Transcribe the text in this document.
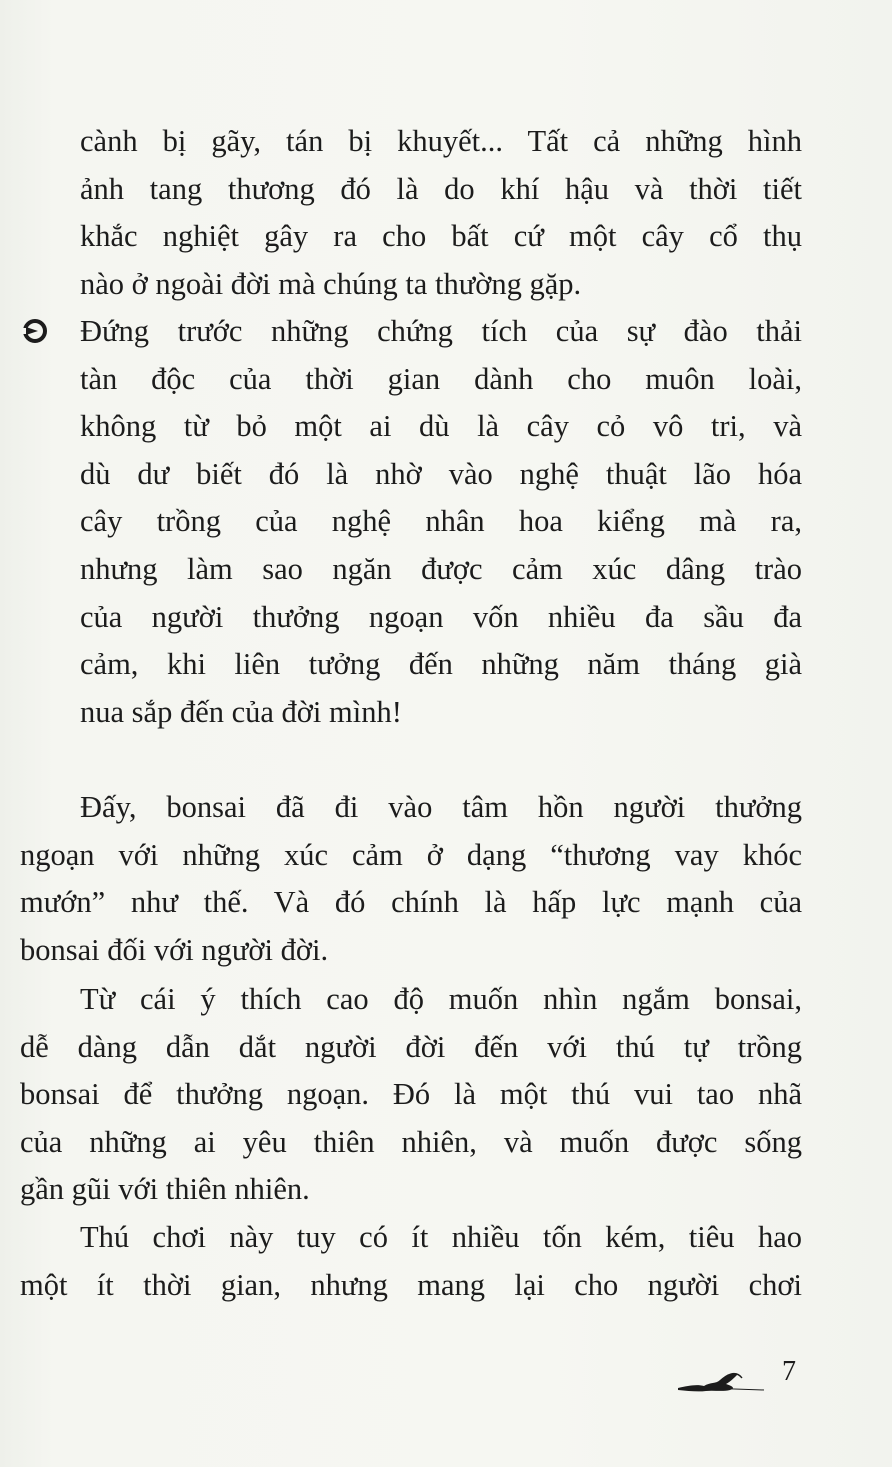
cành bị gãy, tán bị khuyết... Tất cả những hình
ảnh tang thương đó là do khí hậu và thời tiết
khắc nghiệt gây ra cho bất cứ một cây cổ thụ
nào ở ngoài đời mà chúng ta thường gặp.
Đứng trước những chứng tích của sự đào thải
tàn độc của thời gian dành cho muôn loài,
không từ bỏ một ai dù là cây cỏ vô tri, và
dù dư biết đó là nhờ vào nghệ thuật lão hóa
cây trồng của nghệ nhân hoa kiểng mà ra,
nhưng làm sao ngăn được cảm xúc dâng trào
của người thưởng ngoạn vốn nhiều đa sầu đa
cảm, khi liên tưởng đến những năm tháng già
nua sắp đến của đời mình!
Đấy, bonsai đã đi vào tâm hồn người thưởng
ngoạn với những xúc cảm ở dạng “thương vay khóc
mướn” như thế. Và đó chính là hấp lực mạnh của
bonsai đối với người đời.
Từ cái ý thích cao độ muốn nhìn ngắm bonsai,
dễ dàng dẫn dắt người đời đến với thú tự trồng
bonsai để thưởng ngoạn. Đó là một thú vui tao nhã
của những ai yêu thiên nhiên, và muốn được sống
gần gũi với thiên nhiên.
Thú chơi này tuy có ít nhiều tốn kém, tiêu hao
một ít thời gian, nhưng mang lại cho người chơi
7
